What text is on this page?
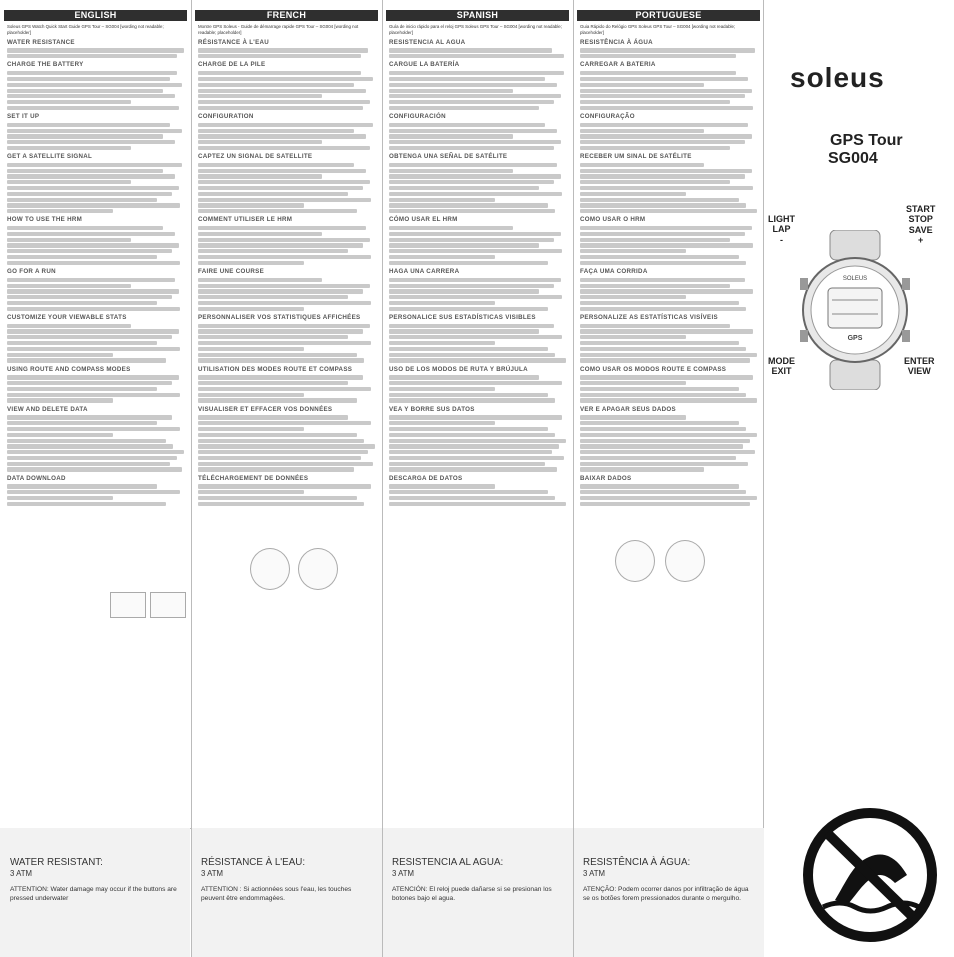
ENGLISH
Soleus GPS Watch Quick Start Guide GPS Tour – SG004 [wording not readable; placeholder]
WATER RESISTANCE
CHARGE THE BATTERY
SET IT UP
GET A SATELLITE SIGNAL
HOW TO USE THE HRM
GO FOR A RUN
CUSTOMIZE YOUR VIEWABLE STATS
USING ROUTE AND COMPASS MODES
VIEW AND DELETE DATA
DATA DOWNLOAD
FRENCH
Montre GPS Soleus - Guide de démarrage rapide GPS Tour – SG004 [wording not readable; placeholder]
RÉSISTANCE À L'EAU
CHARGE DE LA PILE
CONFIGURATION
CAPTEZ UN SIGNAL DE SATELLITE
COMMENT UTILISER LE HRM
FAIRE UNE COURSE
PERSONNALISER VOS STATISTIQUES AFFICHÉES
UTILISATION DES MODES ROUTE ET COMPASS
VISUALISER ET EFFACER VOS DONNÉES
TÉLÉCHARGEMENT DE DONNÉES
SPANISH
Guía de inicio rápido para el reloj GPS Soleus GPS Tour – SG004 [wording not readable; placeholder]
RESISTENCIA AL AGUA
CARGUE LA BATERÍA
CONFIGURACIÓN
OBTENGA UNA SEÑAL DE SATÉLITE
CÓMO USAR EL HRM
HAGA UNA CARRERA
PERSONALICE SUS ESTADÍSTICAS VISIBLES
USO DE LOS MODOS DE RUTA Y BRÚJULA
VEA Y BORRE SUS DATOS
DESCARGA DE DATOS
PORTUGUESE
Guia Rápido do Relógio GPS Soleus GPS Tour – SG004 [wording not readable; placeholder]
RESISTÊNCIA À ÁGUA
CARREGAR A BATERIA
CONFIGURAÇÃO
RECEBER UM SINAL DE SATÉLITE
COMO USAR O HRM
FAÇA UMA CORRIDA
PERSONALIZE AS ESTATÍSTICAS VISÍVEIS
COMO USAR OS MODOS ROUTE E COMPASS
VER E APAGAR SEUS DADOS
BAIXAR DADOS
WATER RESISTANT:
3 ATM
ATTENTION: Water damage may occur if the buttons are pressed underwater
RÉSISTANCE À L'EAU:
3 ATM
ATTENTION : Si actionnées sous l'eau, les touches peuvent être endommagées.
RESISTENCIA AL AGUA:
3 ATM
ATENCIÓN: El reloj puede dañarse si se presionan los botones bajo el agua.
RESISTÊNCIA À ÁGUA:
3 ATM
ATENÇÃO: Podem ocorrer danos por infiltração de água se os botões forem pressionados durante o mergulho.
soleus
GPS Tour
SG004
LIGHT
LAP
-
START
STOP
SAVE
+
MODE
EXIT
ENTER
VIEW
SOLEUS
GPS
